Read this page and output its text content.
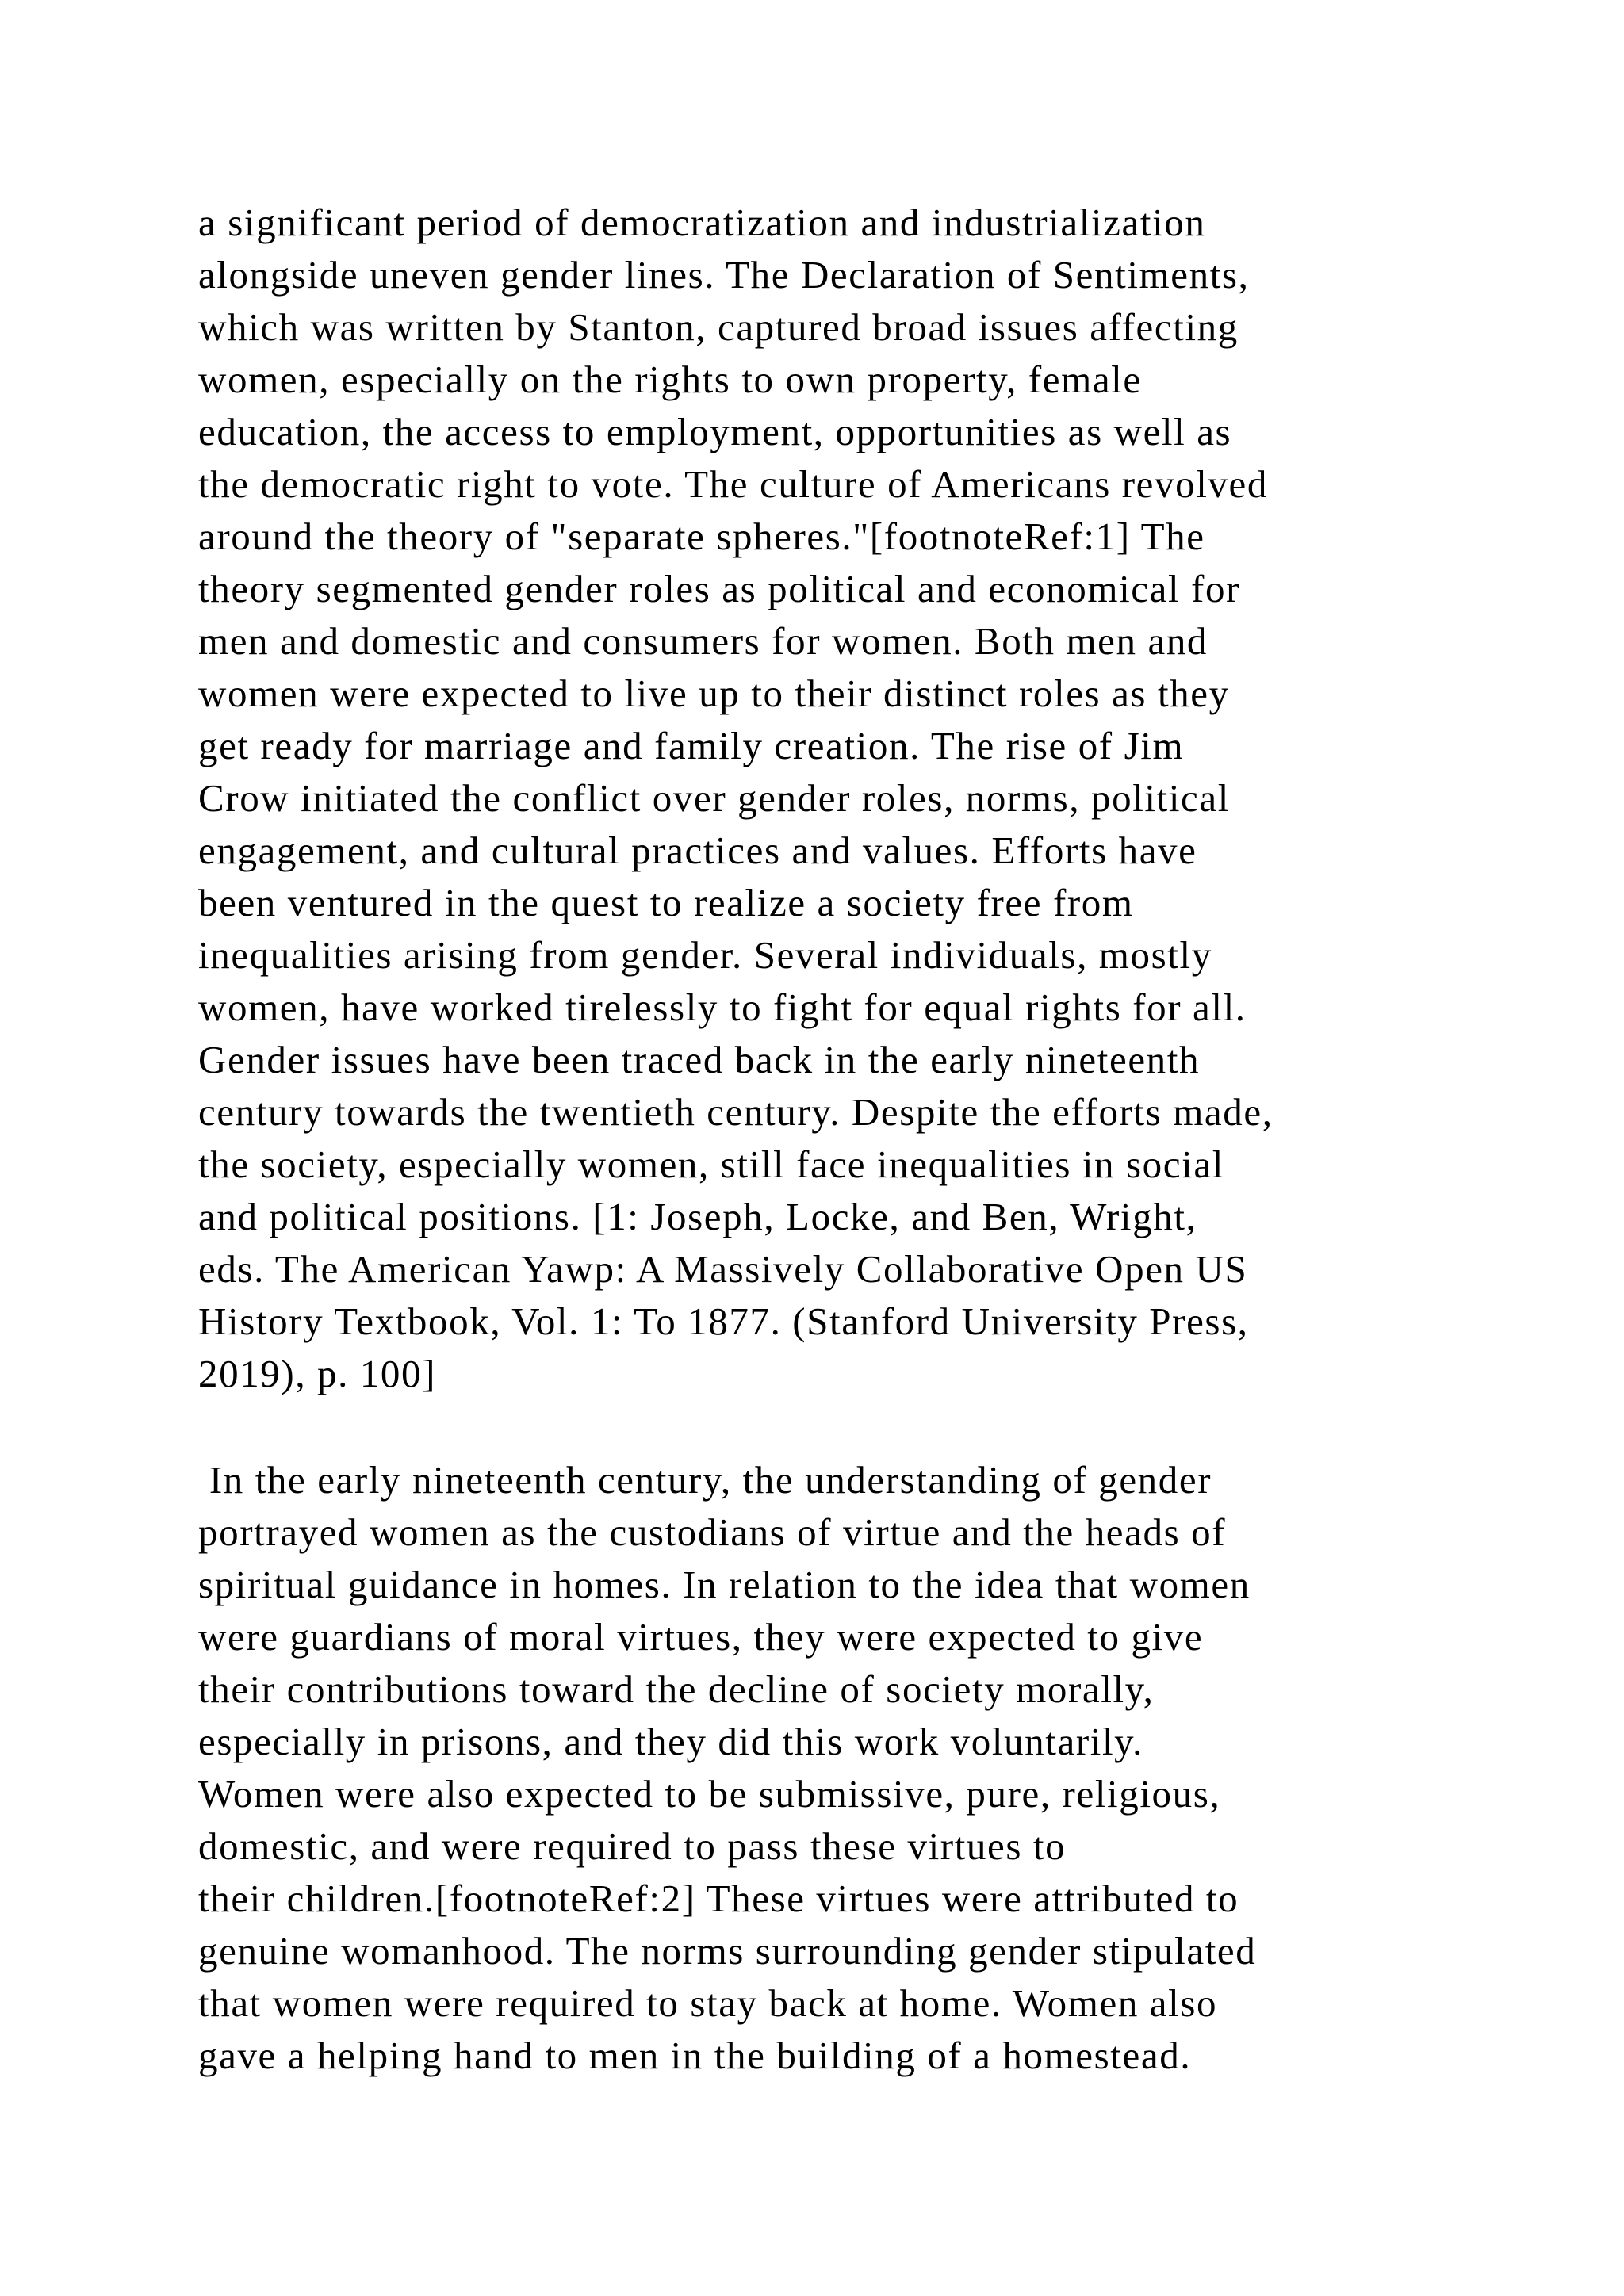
a significant period of democratization and industrialization
alongside uneven gender lines. The Declaration of Sentiments,
which was written by Stanton, captured broad issues affecting
women, especially on the rights to own property, female
education, the access to employment, opportunities as well as
the democratic right to vote. The culture of Americans revolved
around the theory of "separate spheres."[footnoteRef:1] The
theory segmented gender roles as political and economical for
men and domestic and consumers for women. Both men and
women were expected to live up to their distinct roles as they
get ready for marriage and family creation. The rise of Jim
Crow initiated the conflict over gender roles, norms, political
engagement, and cultural practices and values. Efforts have
been ventured in the quest to realize a society free from
inequalities arising from gender. Several individuals, mostly
women, have worked tirelessly to fight for equal rights for all.
Gender issues have been traced back in the early nineteenth
century towards the twentieth century. Despite the efforts made,
the society, especially women, still face inequalities in social
and political positions. [1: Joseph, Locke, and Ben, Wright,
eds. The American Yawp: A Massively Collaborative Open US
History Textbook, Vol. 1: To 1877. (Stanford University Press,
2019), p. 100]
In the early nineteenth century, the understanding of gender
portrayed women as the custodians of virtue and the heads of
spiritual guidance in homes. In relation to the idea that women
were guardians of moral virtues, they were expected to give
their contributions toward the decline of society morally,
especially in prisons, and they did this work voluntarily.
Women were also expected to be submissive, pure, religious,
domestic, and were required to pass these virtues to
their children.[footnoteRef:2] These virtues were attributed to
genuine womanhood. The norms surrounding gender stipulated
that women were required to stay back at home. Women also
gave a helping hand to men in the building of a homestead.
